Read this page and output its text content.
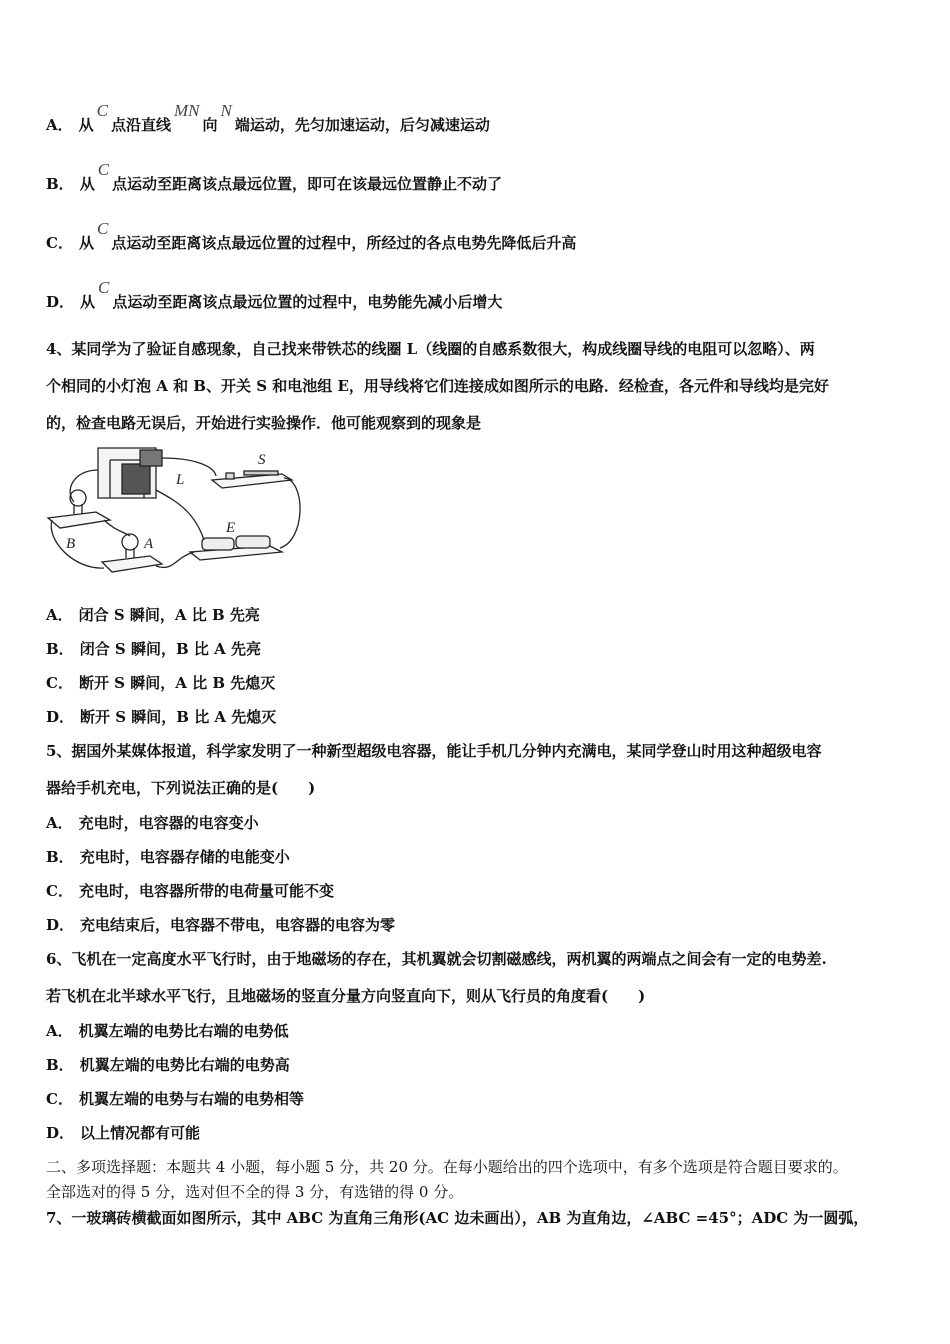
A． 从C点沿直线MN向N端运动，先匀加速运动，后匀减速运动
B． 从C点运动至距离该点最远位置，即可在该最远位置静止不动了
C． 从C点运动至距离该点最远位置的过程中，所经过的各点电势先降低后升高
D． 从C点运动至距离该点最远位置的过程中，电势能先减小后增大
4、某同学为了验证自感现象，自己找来带铁芯的线圈 L（线圈的自感系数很大，构成线圈导线的电阻可以忽略）、两
个相同的小灯泡 A 和 B、开关 S 和电池组 E，用导线将它们连接成如图所示的电路．经检查，各元件和导线均是完好
的，检查电路无误后，开始进行实验操作．他可能观察到的现象是
L
S
E
A
B
A． 闭合 S 瞬间，A 比 B 先亮
B． 闭合 S 瞬间，B 比 A 先亮
C． 断开 S 瞬间，A 比 B 先熄灭
D． 断开 S 瞬间，B 比 A 先熄灭
5、据国外某媒体报道，科学家发明了一种新型超级电容器，能让手机几分钟内充满电，某同学登山时用这种超级电容
器给手机充电，下列说法正确的是(　　)
A． 充电时，电容器的电容变小
B． 充电时，电容器存储的电能变小
C． 充电时，电容器所带的电荷量可能不变
D． 充电结束后，电容器不带电，电容器的电容为零
6、飞机在一定高度水平飞行时，由于地磁场的存在，其机翼就会切割磁感线，两机翼的两端点之间会有一定的电势差.
若飞机在北半球水平飞行，且地磁场的竖直分量方向竖直向下，则从飞行员的角度看(　　)
A． 机翼左端的电势比右端的电势低
B． 机翼左端的电势比右端的电势高
C． 机翼左端的电势与右端的电势相等
D． 以上情况都有可能
二、多项选择题：本题共 4 小题，每小题 5 分，共 20 分。在每小题给出的四个选项中，有多个选项是符合题目要求的。
全部选对的得 5 分，选对但不全的得 3 分，有选错的得 0 分。
7、一玻璃砖横截面如图所示，其中 ABC 为直角三角形(AC 边未画出），AB 为直角边，∠ABC =45°；ADC 为一圆弧，
